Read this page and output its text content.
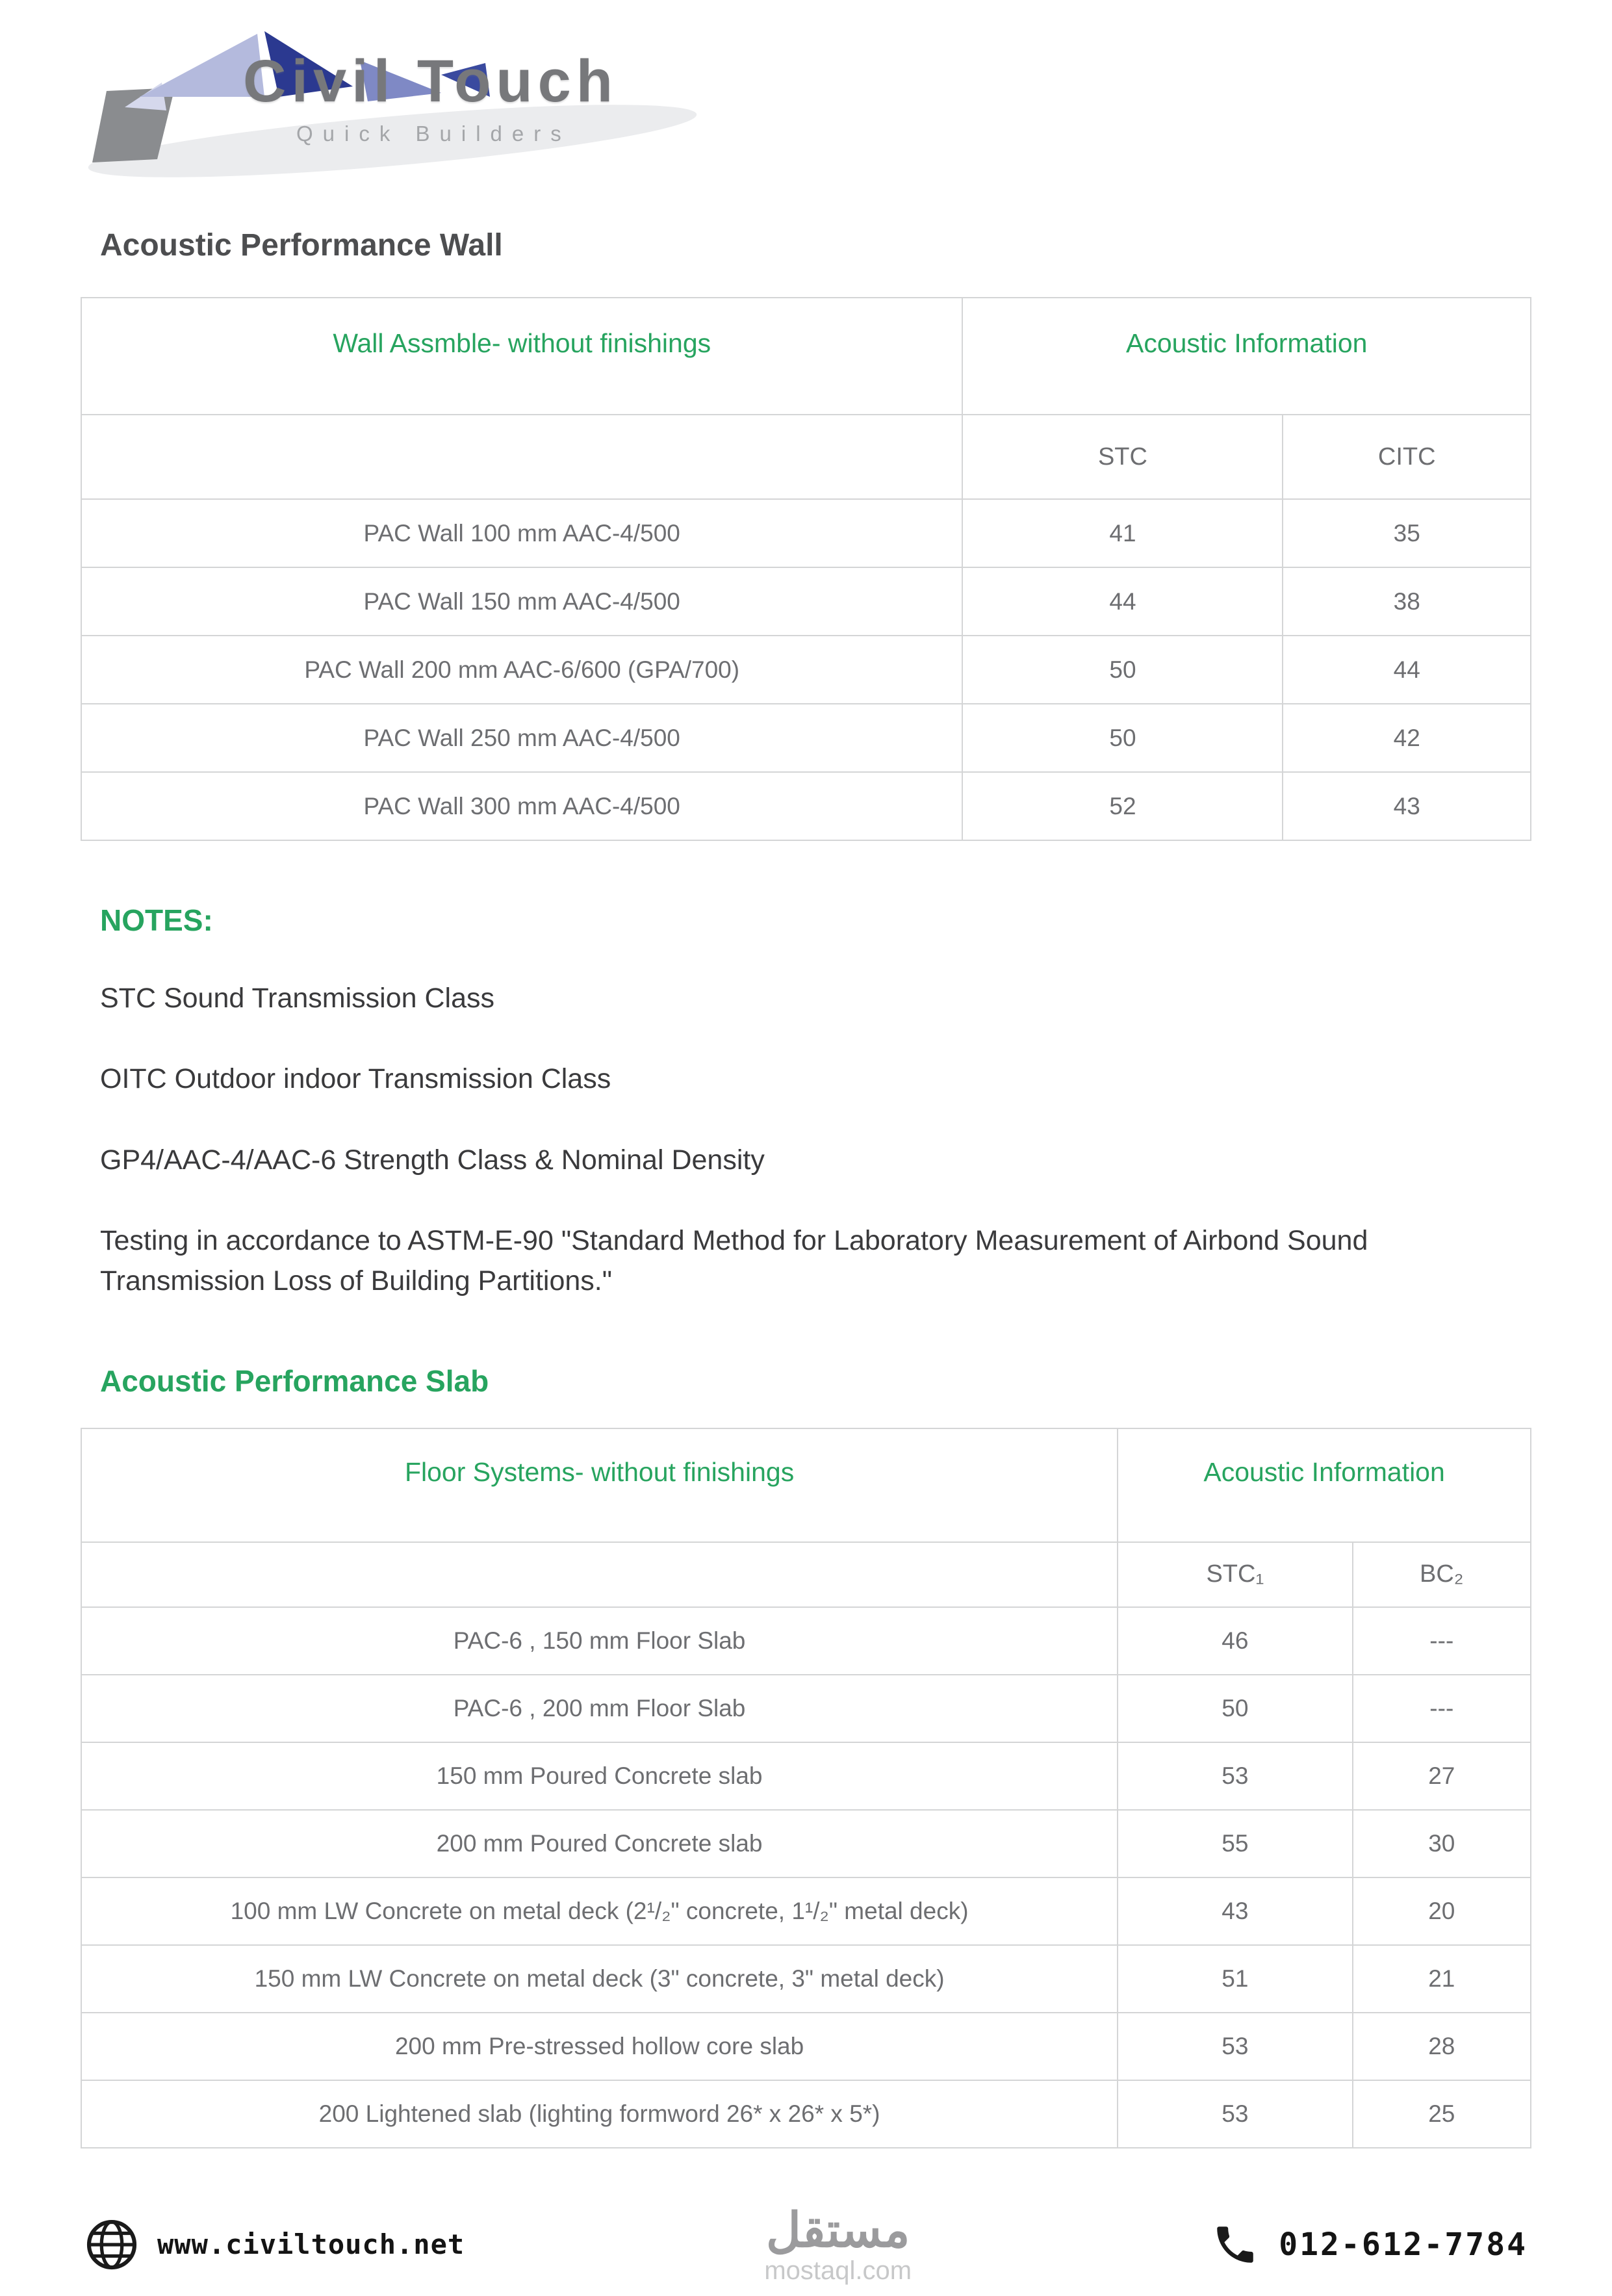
Civil Touch
Quick Builders
Acoustic Performance Wall
Wall Assmble- without finishings	Acoustic Information	
	STC	CITC
PAC Wall 100 mm AAC-4/500	41	35
PAC Wall 150 mm AAC-4/500	44	38
PAC Wall 200 mm AAC-6/600 (GPA/700)	50	44
PAC Wall 250 mm AAC-4/500	50	42
PAC Wall 300 mm AAC-4/500	52	43
NOTES:

STC Sound Transmission Class

OITC Outdoor indoor Transmission Class

GP4/AAC-4/AAC-6 Strength Class & Nominal Density

Testing in accordance to ASTM-E-90 "Standard Method for Laboratory Measurement of Airbond Sound Transmission Loss of Building Partitions."

Acoustic Performance Slab
Floor Systems- without finishings	Acoustic Information	
	STC₁	BC₂
PAC-6 , 150 mm Floor Slab	46	---
PAC-6 , 200 mm Floor Slab	50	---
150 mm Poured Concrete slab	53	27
200 mm Poured Concrete slab	55	30
100 mm LW Concrete on metal deck (2¹/₂" concrete, 1¹/₂" metal deck)	43	20
150 mm LW Concrete on metal deck (3" concrete, 3" metal deck)	51	21
200 mm Pre-stressed hollow core slab	53	28
200 Lightened slab (lighting formword 26* x 26* x 5*)	53	25
www.civiltouch.net	مستقل
mostaql.com
012-612-7784
